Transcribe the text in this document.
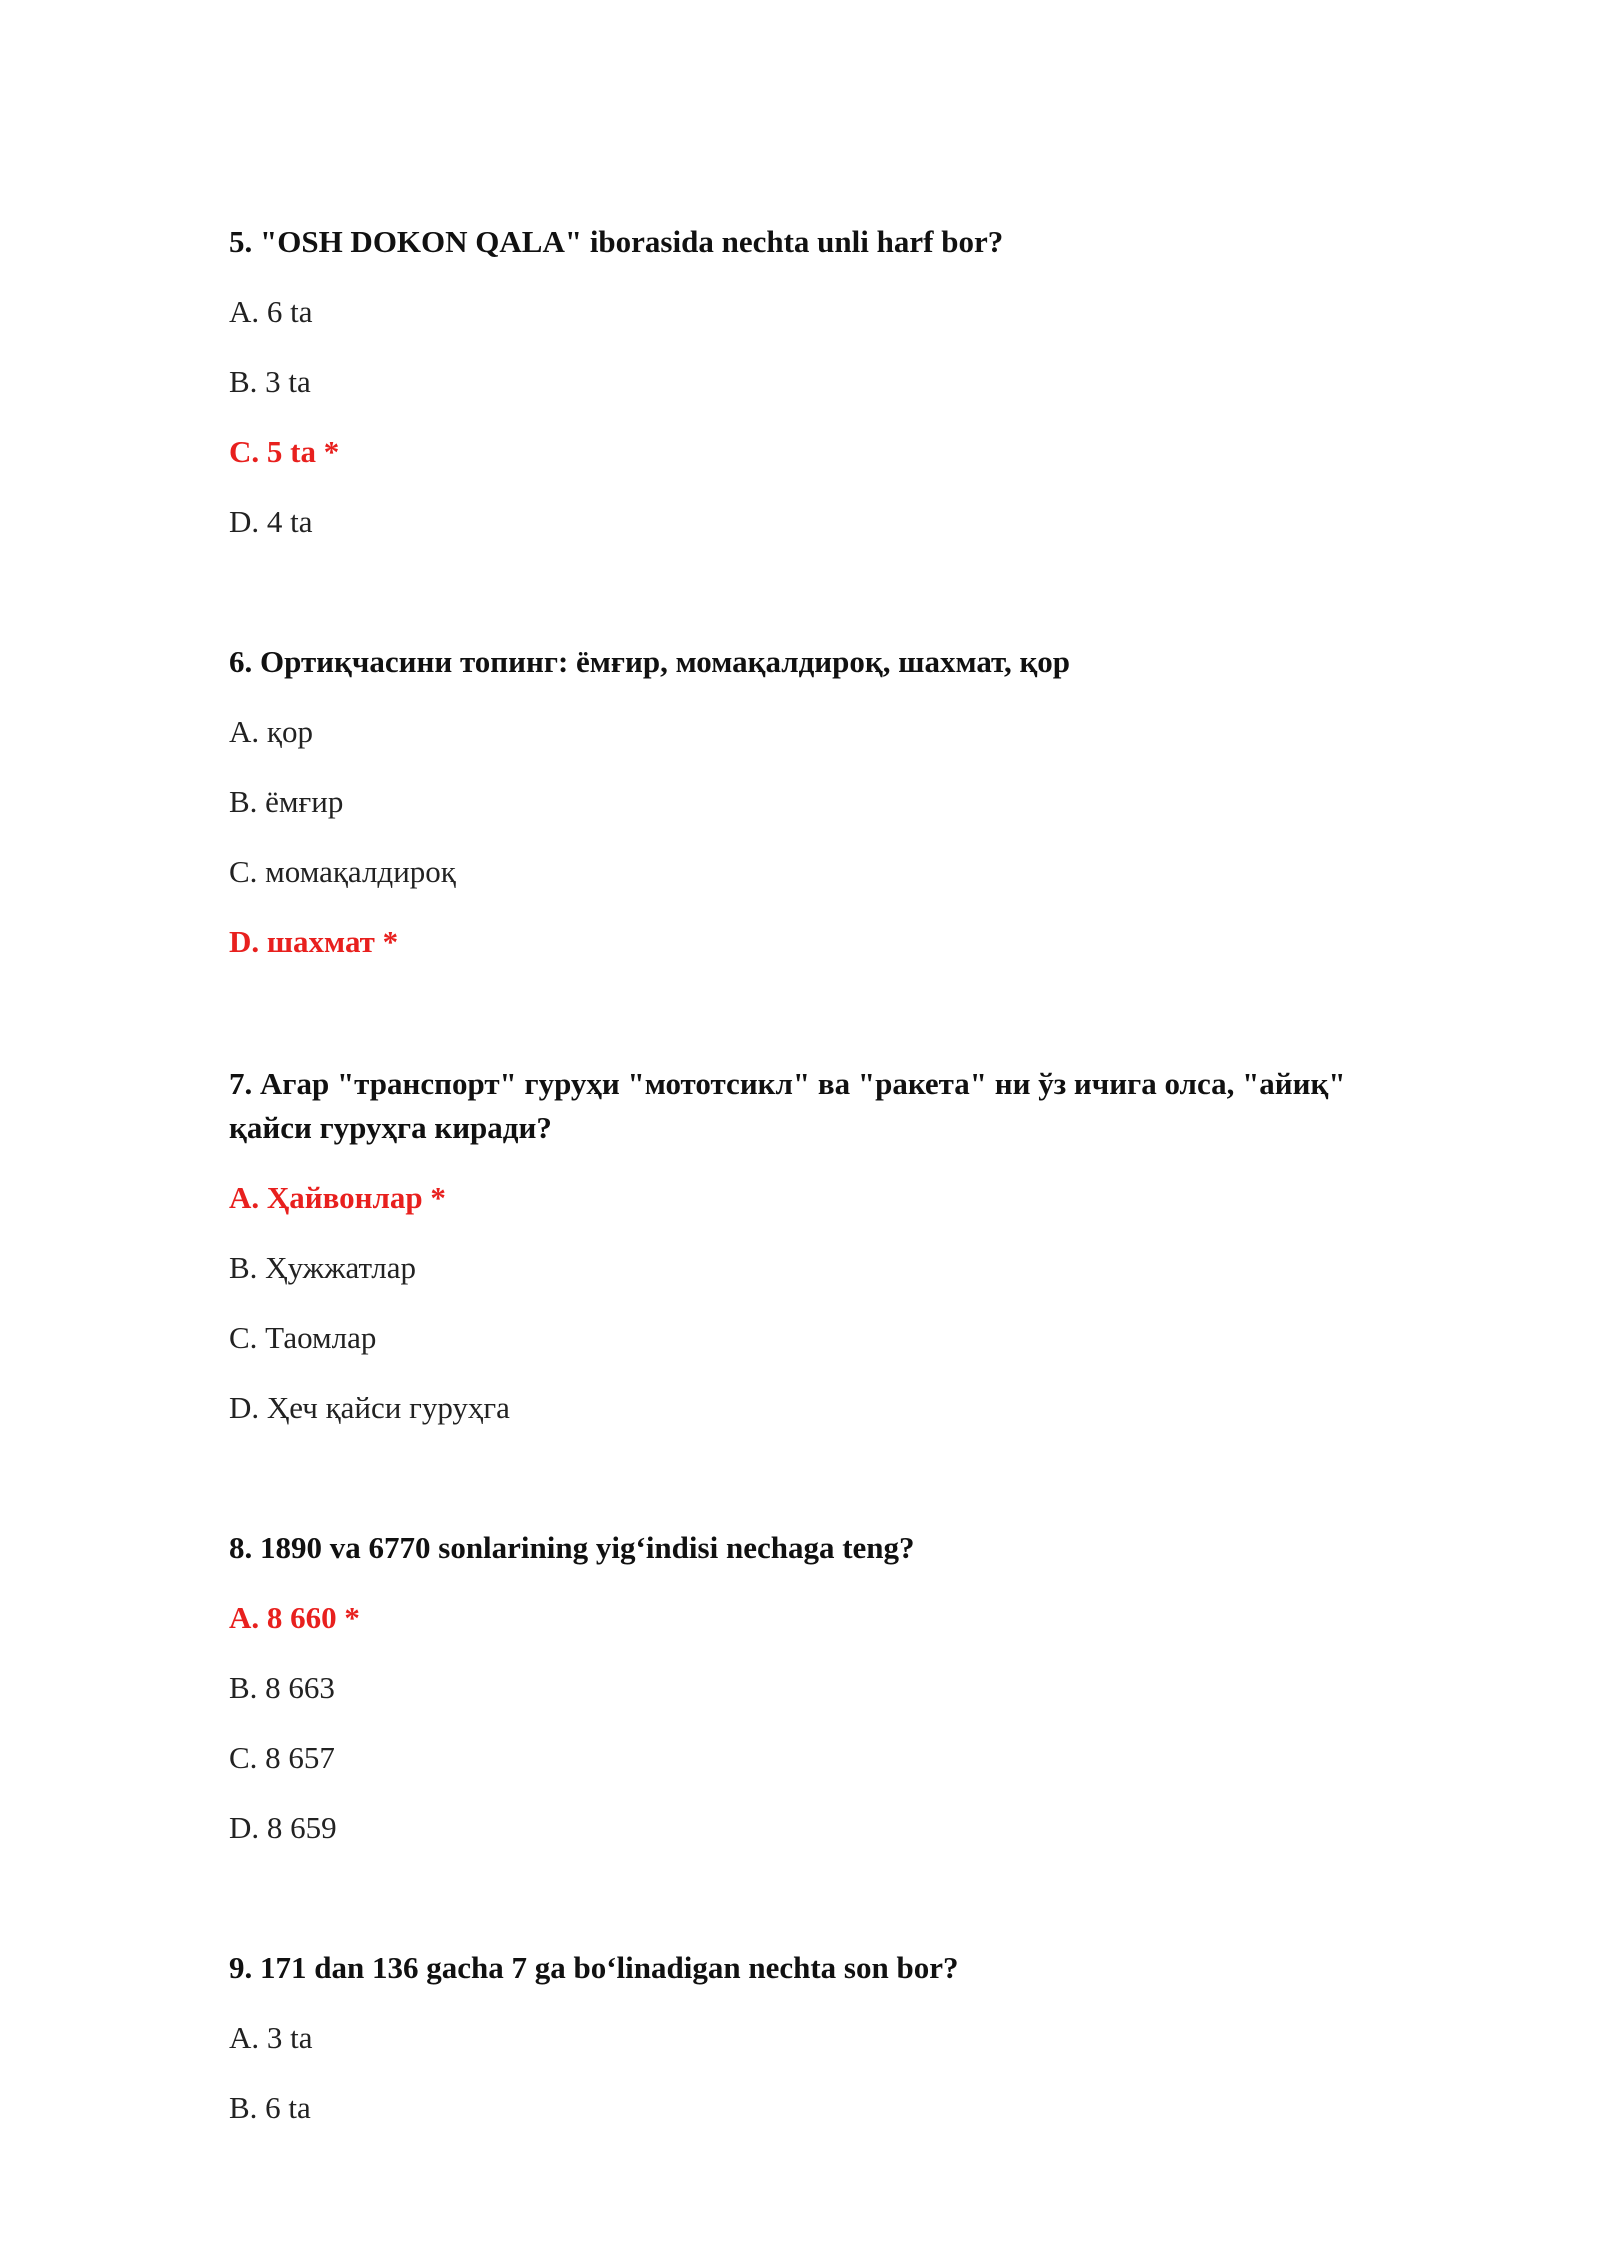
5. "OSH DOKON QALA" iborasida nechta unli harf bor?
A. 6 ta
B. 3 ta
C. 5 ta *
D. 4 ta
6. Ортиқчасини топинг: ёмғир, момақалдироқ, шахмат, қор
A. қор
B. ёмғир
C. момақалдироқ
D. шахмат *
7. Агар "транспорт" гуруҳи "мототсикл" ва "ракета" ни ўз ичига олса, "айиқ"
қайси гуруҳга киради?
A. Ҳайвонлар *
B. Ҳужжатлар
C. Таомлар
D. Ҳеч қайси гуруҳга
8. 1890 va 6770 sonlarining yig‘indisi nechaga teng?
A. 8 660 *
B. 8 663
C. 8 657
D. 8 659
9. 171 dan 136 gacha 7 ga bo‘linadigan nechta son bor?
A. 3 ta
B. 6 ta
